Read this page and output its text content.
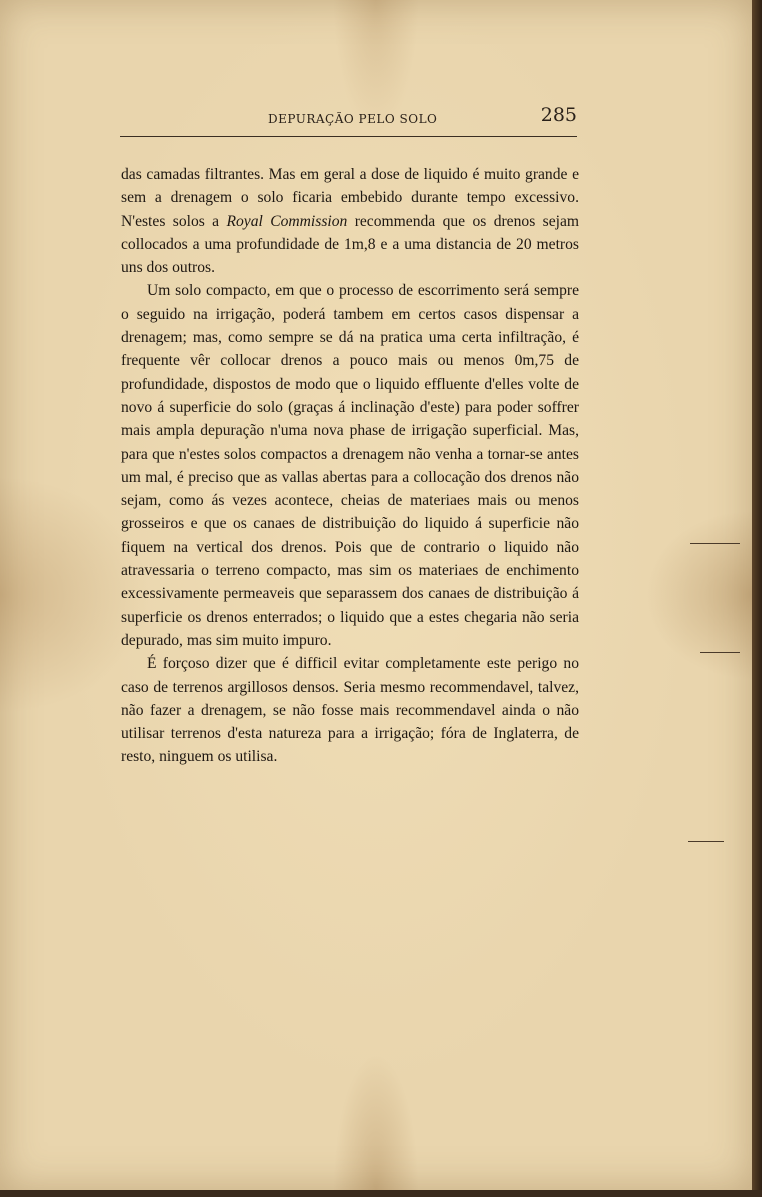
DEPURAÇÃO PELO SOLO	285

das camadas filtrantes. Mas em geral a dose de liquido é muito grande e sem a drenagem o solo ficaria embebido durante tempo excessivo. N'estes solos a Royal Commission recommenda que os drenos sejam collocados a uma profundidade de 1m,8 e a uma distancia de 20 metros uns dos outros.

Um solo compacto, em que o processo de escorrimento será sempre o seguido na irrigação, poderá tambem em certos casos dispensar a drenagem; mas, como sempre se dá na pratica uma certa infiltração, é frequente vêr collocar drenos a pouco mais ou menos 0m,75 de profundidade, dispostos de modo que o liquido effluente d'elles volte de novo á superficie do solo (graças á inclinação d'este) para poder soffrer mais ampla depuração n'uma nova phase de irrigação superficial. Mas, para que n'estes solos compactos a drenagem não venha a tornar-se antes um mal, é preciso que as vallas abertas para a collocação dos drenos não sejam, como ás vezes acontece, cheias de materiaes mais ou menos grosseiros e que os canaes de distribuição do liquido á superficie não fiquem na vertical dos drenos. Pois que de contrario o liquido não atravessaria o terreno compacto, mas sim os materiaes de enchimento excessivamente permeaveis que separassem dos canaes de distribuição á superficie os drenos enterrados; o liquido que a estes chegaria não seria depurado, mas sim muito impuro.

É forçoso dizer que é difficil evitar completamente este perigo no caso de terrenos argillosos densos. Seria mesmo recommendavel, talvez, não fazer a drenagem, se não fosse mais recommendavel ainda o não utilisar terrenos d'esta natureza para a irrigação; fóra de Inglaterra, de resto, ninguem os utilisa.
